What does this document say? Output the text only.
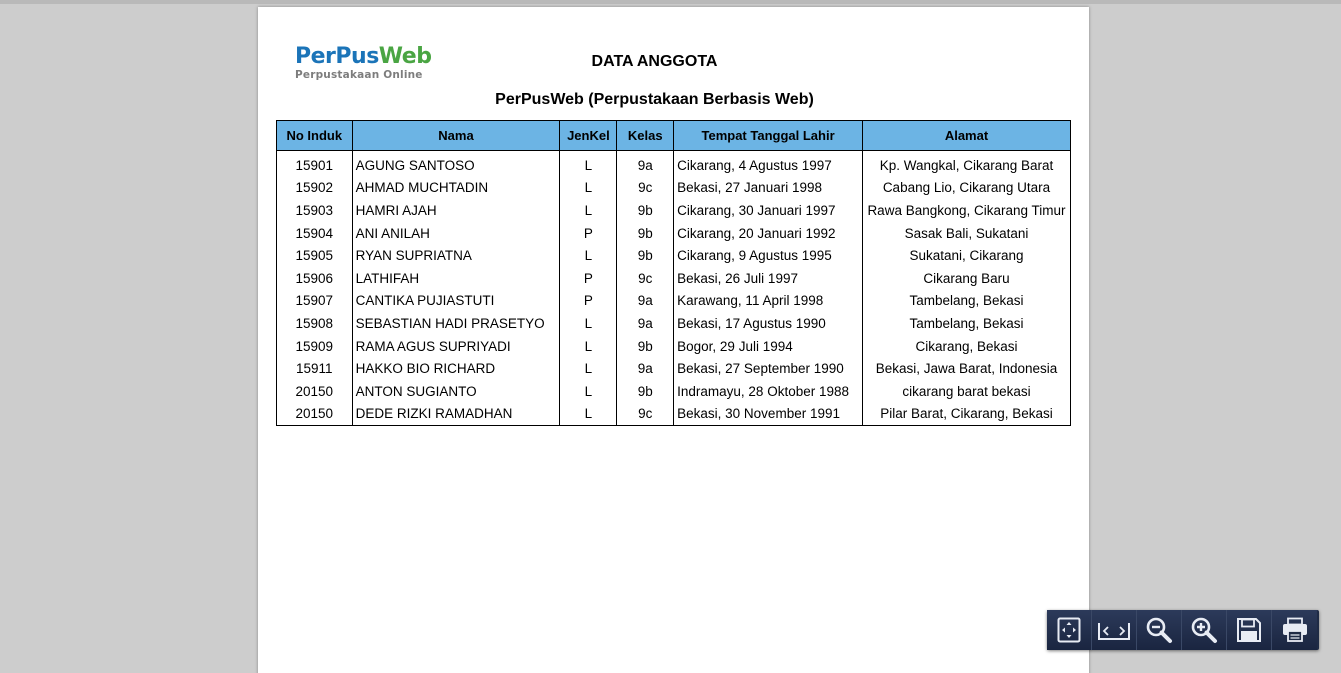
PerPusWeb
Perpustakaan Online
DATA ANGGOTA
PerPusWeb (Perpustakaan Berbasis Web)
No Induk	Nama	JenKel	Kelas	Tempat Tanggal Lahir	Alamat
15901	AGUNG SANTOSO	L	9a	Cikarang, 4 Agustus 1997	Kp. Wangkal, Cikarang Barat
15902	AHMAD MUCHTADIN	L	9c	Bekasi, 27 Januari 1998	Cabang Lio, Cikarang Utara
15903	HAMRI AJAH	L	9b	Cikarang, 30 Januari 1997	Rawa Bangkong, Cikarang Timur
15904	ANI ANILAH	P	9b	Cikarang, 20 Januari 1992	Sasak Bali, Sukatani
15905	RYAN SUPRIATNA	L	9b	Cikarang, 9 Agustus 1995	Sukatani, Cikarang
15906	LATHIFAH	P	9c	Bekasi, 26 Juli 1997	Cikarang Baru
15907	CANTIKA PUJIASTUTI	P	9a	Karawang, 11 April 1998	Tambelang, Bekasi
15908	SEBASTIAN HADI PRASETYO	L	9a	Bekasi, 17 Agustus 1990	Tambelang, Bekasi
15909	RAMA AGUS SUPRIYADI	L	9b	Bogor, 29 Juli 1994	Cikarang, Bekasi
15911	HAKKO BIO RICHARD	L	9a	Bekasi, 27 September 1990	Bekasi, Jawa Barat, Indonesia
20150	ANTON SUGIANTO	L	9b	Indramayu, 28 Oktober 1988	cikarang barat bekasi
20150	DEDE RIZKI RAMADHAN	L	9c	Bekasi, 30 November 1991	Pilar Barat, Cikarang, Bekasi
